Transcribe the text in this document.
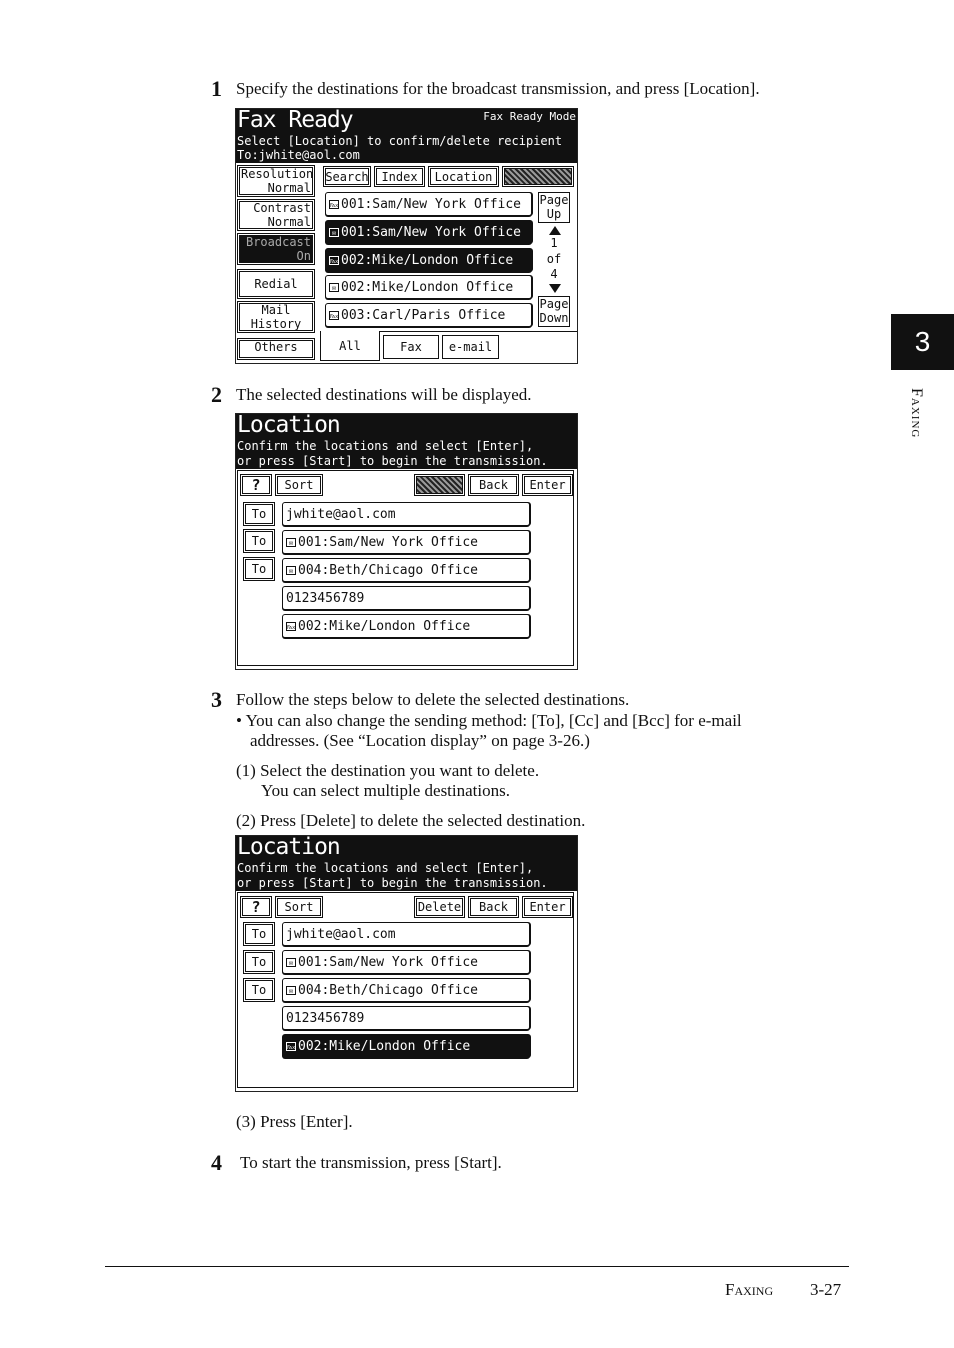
3
Faxing
1 Specify the destinations for the broadcast transmission, and press [Location].
Fax Ready	Fax Ready Mode
Select [Location] to confirm/delete recipient
To:jwhite@aol.com
Resolution
Normal
Contrast
Normal
Broadcast
On
Redial
Mail
History
Others
Search	Index	Location
℻ 001:Sam/New York Office
✉ 001:Sam/New York Office
℻ 002:Mike/London Office
✉ 002:Mike/London Office
℻ 003:Carl/Paris Office
Page
Up
1
of
4
Page
Down
All	Fax	e-mail
2 The selected destinations will be displayed.
Location
Confirm the locations and select [Enter],
or press [Start] to begin the transmission.
?	Sort	Back	Enter
To	jwhite@aol.com
To	✉ 001:Sam/New York Office
To	✉ 004:Beth/Chicago Office
0123456789
℻ 002:Mike/London Office
3 Follow the steps below to delete the selected destinations.
• You can also change the sending method: [To], [Cc] and [Bcc] for e-mail
addresses. (See “Location display” on page 3-26.)
(1) Select the destination you want to delete.
You can select multiple destinations.
(2) Press [Delete] to delete the selected destination.
Location
Confirm the locations and select [Enter],
or press [Start] to begin the transmission.
?	Sort	Delete	Back	Enter
To	jwhite@aol.com
To	✉ 001:Sam/New York Office
To	✉ 004:Beth/Chicago Office
0123456789
℻ 002:Mike/London Office
(3) Press [Enter].
4 To start the transmission, press [Start].
Faxing 3-27
